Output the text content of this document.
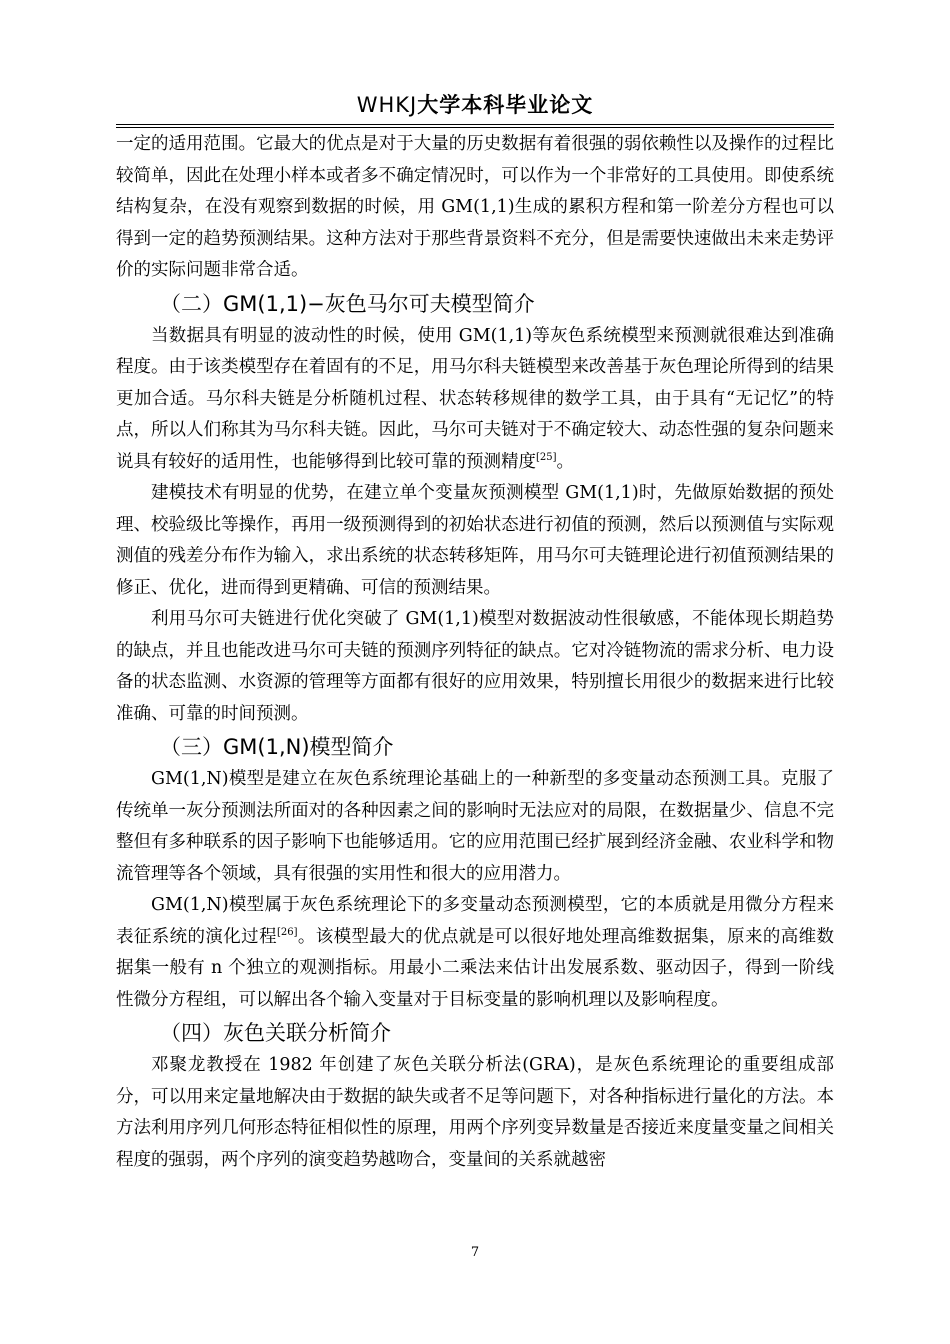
WHKJ大学本科毕业论文

一定的适用范围。它最大的优点是对于大量的历史数据有着很强的弱依赖性以及操作的过程比较简单，因此在处理小样本或者多不确定情况时，可以作为一个非常好的工具使用。即使系统结构复杂，在没有观察到数据的时候，用 GM(1,1)生成的累积方程和第一阶差分方程也可以得到一定的趋势预测结果。这种方法对于那些背景资料不充分，但是需要快速做出未来走势评价的实际问题非常合适。

（二）GM(1,1)−灰色马尔可夫模型简介

当数据具有明显的波动性的时候，使用 GM(1,1)等灰色系统模型来预测就很难达到准确程度。由于该类模型存在着固有的不足，用马尔科夫链模型来改善基于灰色理论所得到的结果更加合适。马尔科夫链是分析随机过程、状态转移规律的数学工具，由于具有“无记忆”的特点，所以人们称其为马尔科夫链。因此，马尔可夫链对于不确定较大、动态性强的复杂问题来说具有较好的适用性，也能够得到比较可靠的预测精度[25]。

建模技术有明显的优势，在建立单个变量灰预测模型 GM(1,1)时，先做原始数据的预处理、校验级比等操作，再用一级预测得到的初始状态进行初值的预测，然后以预测值与实际观测值的残差分布作为输入，求出系统的状态转移矩阵，用马尔可夫链理论进行初值预测结果的修正、优化，进而得到更精确、可信的预测结果。

利用马尔可夫链进行优化突破了 GM(1,1)模型对数据波动性很敏感，不能体现长期趋势的缺点，并且也能改进马尔可夫链的预测序列特征的缺点。它对冷链物流的需求分析、电力设备的状态监测、水资源的管理等方面都有很好的应用效果，特别擅长用很少的数据来进行比较准确、可靠的时间预测。

（三）GM(1,N)模型简介

GM(1,N)模型是建立在灰色系统理论基础上的一种新型的多变量动态预测工具。克服了传统单一灰分预测法所面对的各种因素之间的影响时无法应对的局限，在数据量少、信息不完整但有多种联系的因子影响下也能够适用。它的应用范围已经扩展到经济金融、农业科学和物流管理等各个领域，具有很强的实用性和很大的应用潜力。

GM(1,N)模型属于灰色系统理论下的多变量动态预测模型，它的本质就是用微分方程来表征系统的演化过程[26]。该模型最大的优点就是可以很好地处理高维数据集，原来的高维数据集一般有 n 个独立的观测指标。用最小二乘法来估计出发展系数、驱动因子，得到一阶线性微分方程组，可以解出各个输入变量对于目标变量的影响机理以及影响程度。

（四）灰色关联分析简介

邓聚龙教授在 1982 年创建了灰色关联分析法(GRA)，是灰色系统理论的重要组成部分，可以用来定量地解决由于数据的缺失或者不足等问题下，对各种指标进行量化的方法。本方法利用序列几何形态特征相似性的原理，用两个序列变异数量是否接近来度量变量之间相关程度的强弱，两个序列的演变趋势越吻合，变量间的关系就越密

7
